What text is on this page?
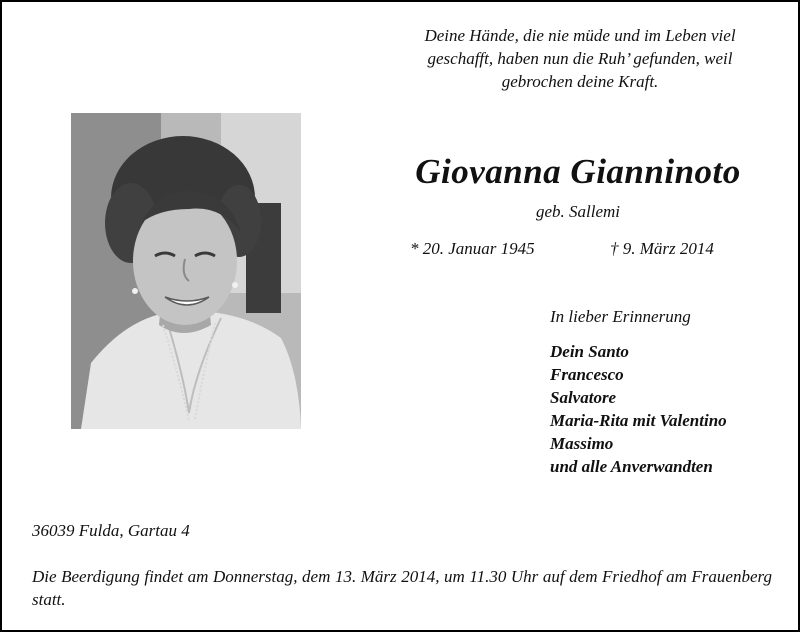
Deine Hände, die nie müde und im Leben viel
geschafft, haben nun die Ruh’ gefunden, weil
gebrochen deine Kraft.
Giovanna Gianninoto
geb. Sallemi
* 20. Januar 1945	† 9. März 2014
In lieber Erinnerung
Dein Santo
Francesco
Salvatore
Maria-Rita mit Valentino
Massimo
und alle Anverwandten
36039 Fulda, Gartau 4
Die Beerdigung findet am Donnerstag, dem 13. März 2014, um 11.30 Uhr auf dem Friedhof am Frauenberg statt.
